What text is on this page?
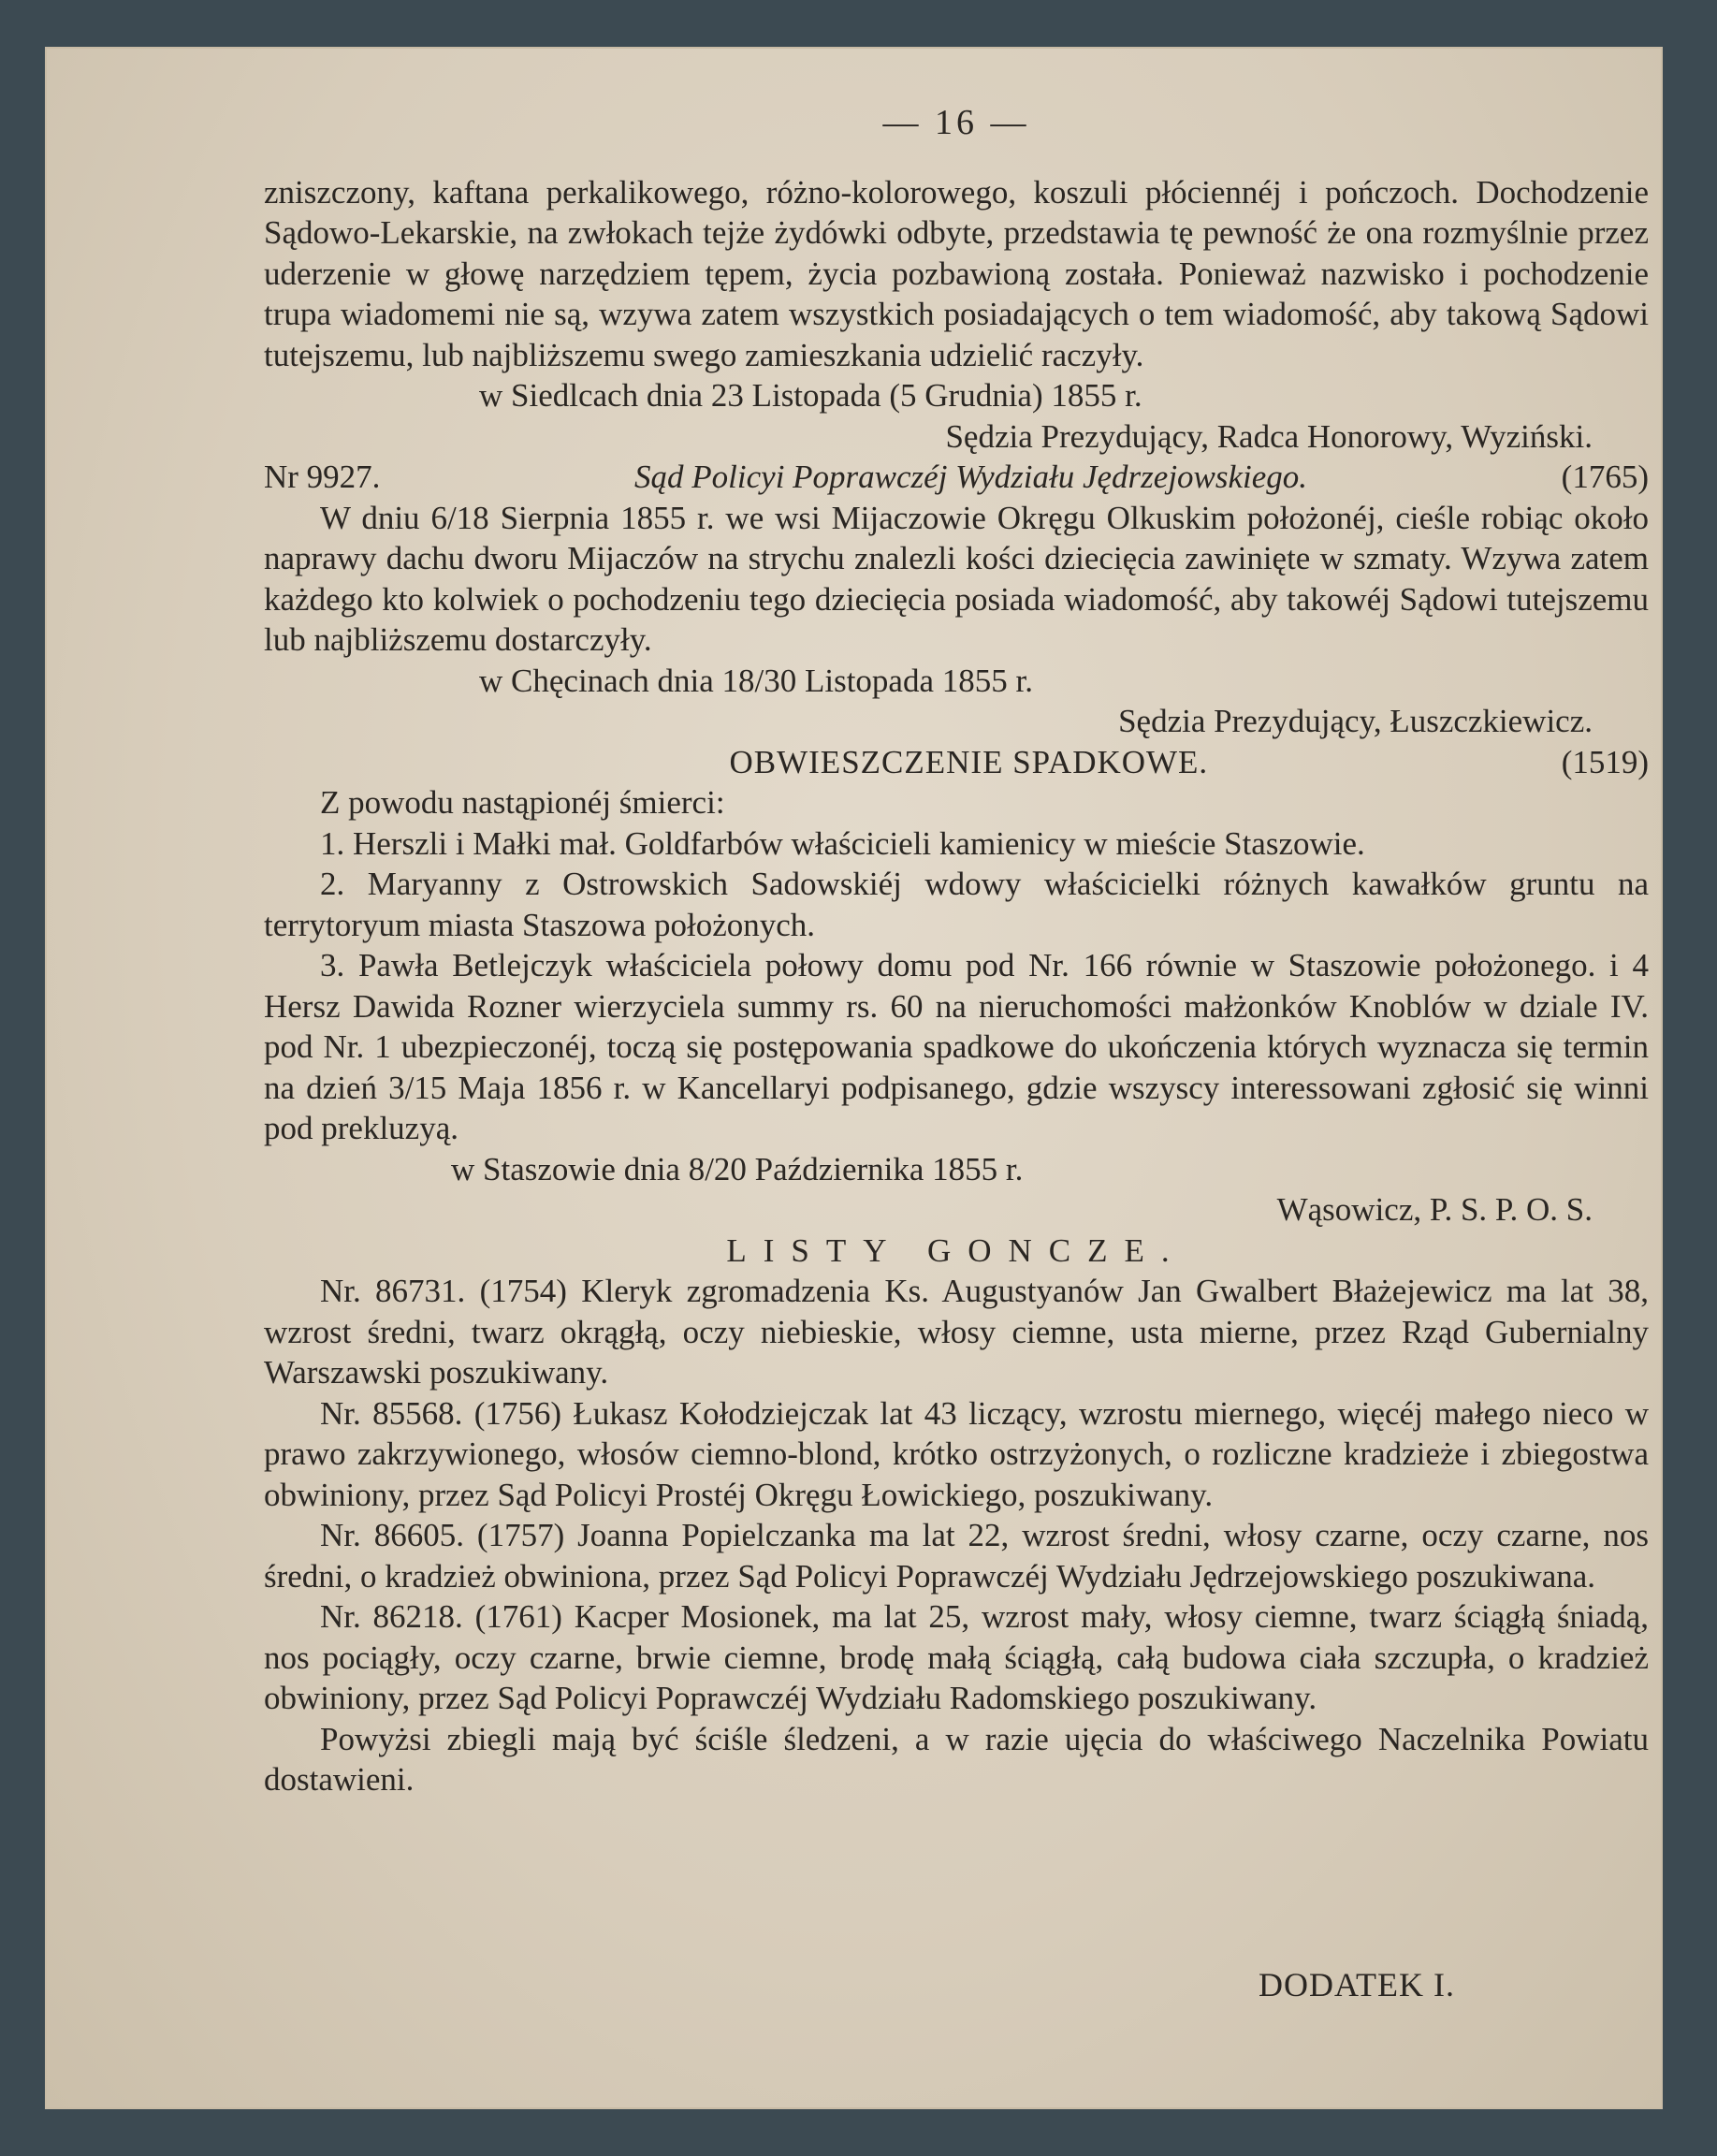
— 16 —

zniszczony, kaftana perkalikowego, różno-kolorowego, koszuli płóciennéj i pończoch. Dochodzenie Sądowo-Lekarskie, na zwłokach tejże żydówki odbyte, przedstawia tę pewność że ona rozmyślnie przez uderzenie w głowę narzędziem tępem, życia pozbawioną została. Ponieważ nazwisko i pochodzenie trupa wiadomemi nie są, wzywa zatem wszystkich posiadających o tem wiadomość, aby takową Sądowi tutejszemu, lub najbliższemu swego zamieszkania udzielić raczyły.

w Siedlcach dnia 23 Listopada (5 Grudnia) 1855 r.

Sędzia Prezydujący, Radca Honorowy, Wyziński.

Nr 9927.	Sąd Policyi Poprawczéj Wydziału Jędrzejowskiego.	(1765)

W dniu 6/18 Sierpnia 1855 r. we wsi Mijaczowie Okręgu Olkuskim położonéj, cieśle robiąc około naprawy dachu dworu Mijaczów na strychu znalezli kości dziecięcia zawinięte w szmaty. Wzywa zatem każdego kto kolwiek o pochodzeniu tego dziecięcia posiada wiadomość, aby takowéj Sądowi tutejszemu lub najbliższemu dostarczyły.

w Chęcinach dnia 18/30 Listopada 1855 r.

Sędzia Prezydujący, Łuszczkiewicz.

OBWIESZCZENIE SPADKOWE.	(1519)

Z powodu nastąpionéj śmierci:

1. Herszli i Małki mał. Goldfarbów właścicieli kamienicy w mieście Staszowie.

2. Maryanny z Ostrowskich Sadowskiéj wdowy właścicielki różnych kawałków gruntu na terrytoryum miasta Staszowa położonych.

3. Pawła Betlejczyk właściciela połowy domu pod Nr. 166 równie w Staszowie położonego. i 4 Hersz Dawida Rozner wierzyciela summy rs. 60 na nieruchomości małżonków Knoblów w dziale IV. pod Nr. 1 ubezpieczonéj, toczą się postępowania spadkowe do ukończenia których wyznacza się termin na dzień 3/15 Maja 1856 r. w Kancellaryi podpisanego, gdzie wszyscy interessowani zgłosić się winni pod prekluzyą.

w Staszowie dnia 8/20 Października 1855 r.

Wąsowicz, P. S. P. O. S.

LISTY GONCZE.

Nr. 86731. (1754) Kleryk zgromadzenia Ks. Augustyanów Jan Gwalbert Błażejewicz ma lat 38, wzrost średni, twarz okrągłą, oczy niebieskie, włosy ciemne, usta mierne, przez Rząd Gubernialny Warszawski poszukiwany.

Nr. 85568. (1756) Łukasz Kołodziejczak lat 43 liczący, wzrostu miernego, więcéj małego nieco w prawo zakrzywionego, włosów ciemno-blond, krótko ostrzyżonych, o rozliczne kradzieże i zbiegostwa obwiniony, przez Sąd Policyi Prostéj Okręgu Łowickiego, poszukiwany.

Nr. 86605. (1757) Joanna Popielczanka ma lat 22, wzrost średni, włosy czarne, oczy czarne, nos średni, o kradzież obwiniona, przez Sąd Policyi Poprawczéj Wydziału Jędrzejowskiego poszukiwana.

Nr. 86218. (1761) Kacper Mosionek, ma lat 25, wzrost mały, włosy ciemne, twarz ściągłą śniadą, nos pociągły, oczy czarne, brwie ciemne, brodę małą ściągłą, całą budowa ciała szczupła, o kradzież obwiniony, przez Sąd Policyi Poprawczéj Wydziału Radomskiego poszukiwany.

Powyżsi zbiegli mają być ściśle śledzeni, a w razie ujęcia do właściwego Naczelnika Powiatu dostawieni.

DODATEK I.
